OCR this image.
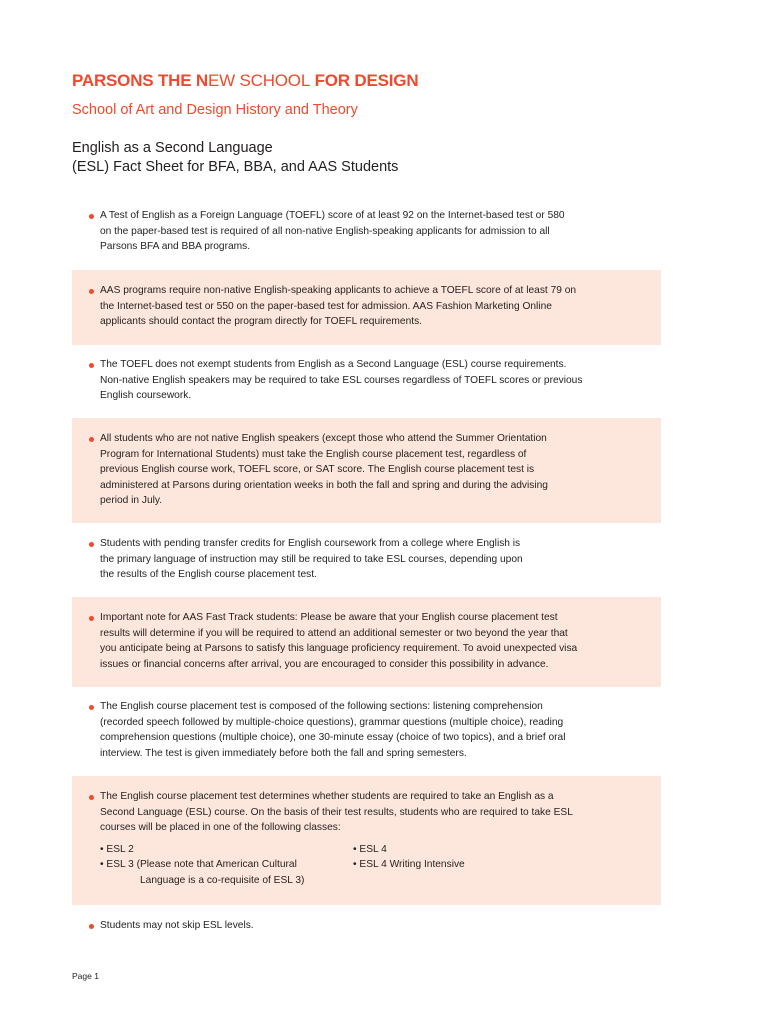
PARSONS THE NEW SCHOOL FOR DESIGN
School of Art and Design History and Theory
English as a Second Language
(ESL) Fact Sheet for BFA, BBA, and AAS Students
A Test of English as a Foreign Language (TOEFL) score of at least 92 on the Internet-based test or 580
on the paper-based test is required of all non-native English-speaking applicants for admission to all
Parsons BFA and BBA programs.
AAS programs require non-native English-speaking applicants to achieve a TOEFL score of at least 79 on
the Internet-based test or 550 on the paper-based test for admission. AAS Fashion Marketing Online
applicants should contact the program directly for TOEFL requirements.
The TOEFL does not exempt students from English as a Second Language (ESL) course requirements.
Non-native English speakers may be required to take ESL courses regardless of TOEFL scores or previous
English coursework.
All students who are not native English speakers (except those who attend the Summer Orientation
Program for International Students) must take the English course placement test, regardless of
previous English course work, TOEFL score, or SAT score. The English course placement test is
administered at Parsons during orientation weeks in both the fall and spring and during the advising
period in July.
Students with pending transfer credits for English coursework from a college where English is
the primary language of instruction may still be required to take ESL courses, depending upon
the results of the English course placement test.
Important note for AAS Fast Track students: Please be aware that your English course placement test
results will determine if you will be required to attend an additional semester or two beyond the year that
you anticipate being at Parsons to satisfy this language proficiency requirement. To avoid unexpected visa
issues or financial concerns after arrival, you are encouraged to consider this possibility in advance.
The English course placement test is composed of the following sections: listening comprehension
(recorded speech followed by multiple-choice questions), grammar questions (multiple choice), reading
comprehension questions (multiple choice), one 30-minute essay (choice of two topics), and a brief oral
interview. The test is given immediately before both the fall and spring semesters.
The English course placement test determines whether students are required to take an English as a
Second Language (ESL) course. On the basis of their test results, students who are required to take ESL
courses will be placed in one of the following classes:
• ESL 2
• ESL 3 (Please note that American Cultural
Language is a co-requisite of ESL 3)
• ESL 4
• ESL 4 Writing Intensive
Students may not skip ESL levels.
Page 1
